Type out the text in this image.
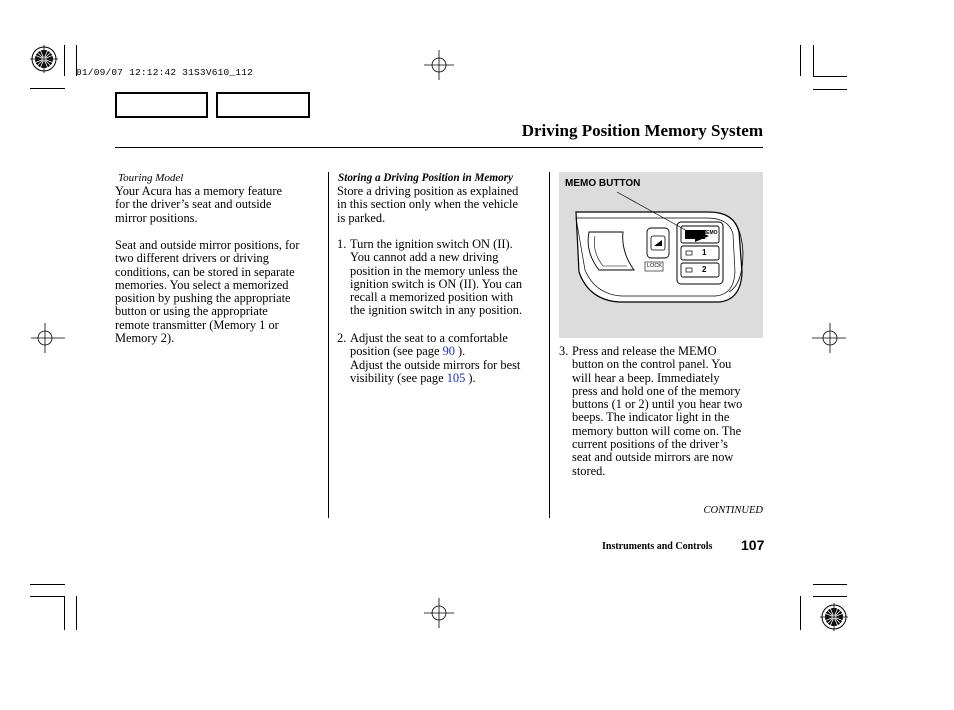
01/09/07 12:12:42 31S3V610_112
Driving Position Memory System
Touring Model
Your Acura has a memory feature
for the driver’s seat and outside
mirror positions.
Seat and outside mirror positions, for
two different drivers or driving
conditions, can be stored in separate
memories. You select a memorized
position by pushing the appropriate
button or using the appropriate
remote transmitter (Memory 1 or
Memory 2).
Storing a Driving Position in Memory
Store a driving position as explained
in this section only when the vehicle
is parked.
1. Turn the ignition switch ON (II).
You cannot add a new driving
position in the memory unless the
ignition switch is ON (II). You can
recall a memorized position with
the ignition switch in any position.
2. Adjust the seat to a comfortable
position (see page 90 ).
Adjust the outside mirrors for best
visibility (see page 105 ).
MEMO BUTTON
MEMO
1
2
LOCK
3. Press and release the MEMO
button on the control panel. You
will hear a beep. Immediately
press and hold one of the memory
buttons (1 or 2) until you hear two
beeps. The indicator light in the
memory button will come on. The
current positions of the driver’s
seat and outside mirrors are now
stored.
CONTINUED
Instruments and Controls 107
